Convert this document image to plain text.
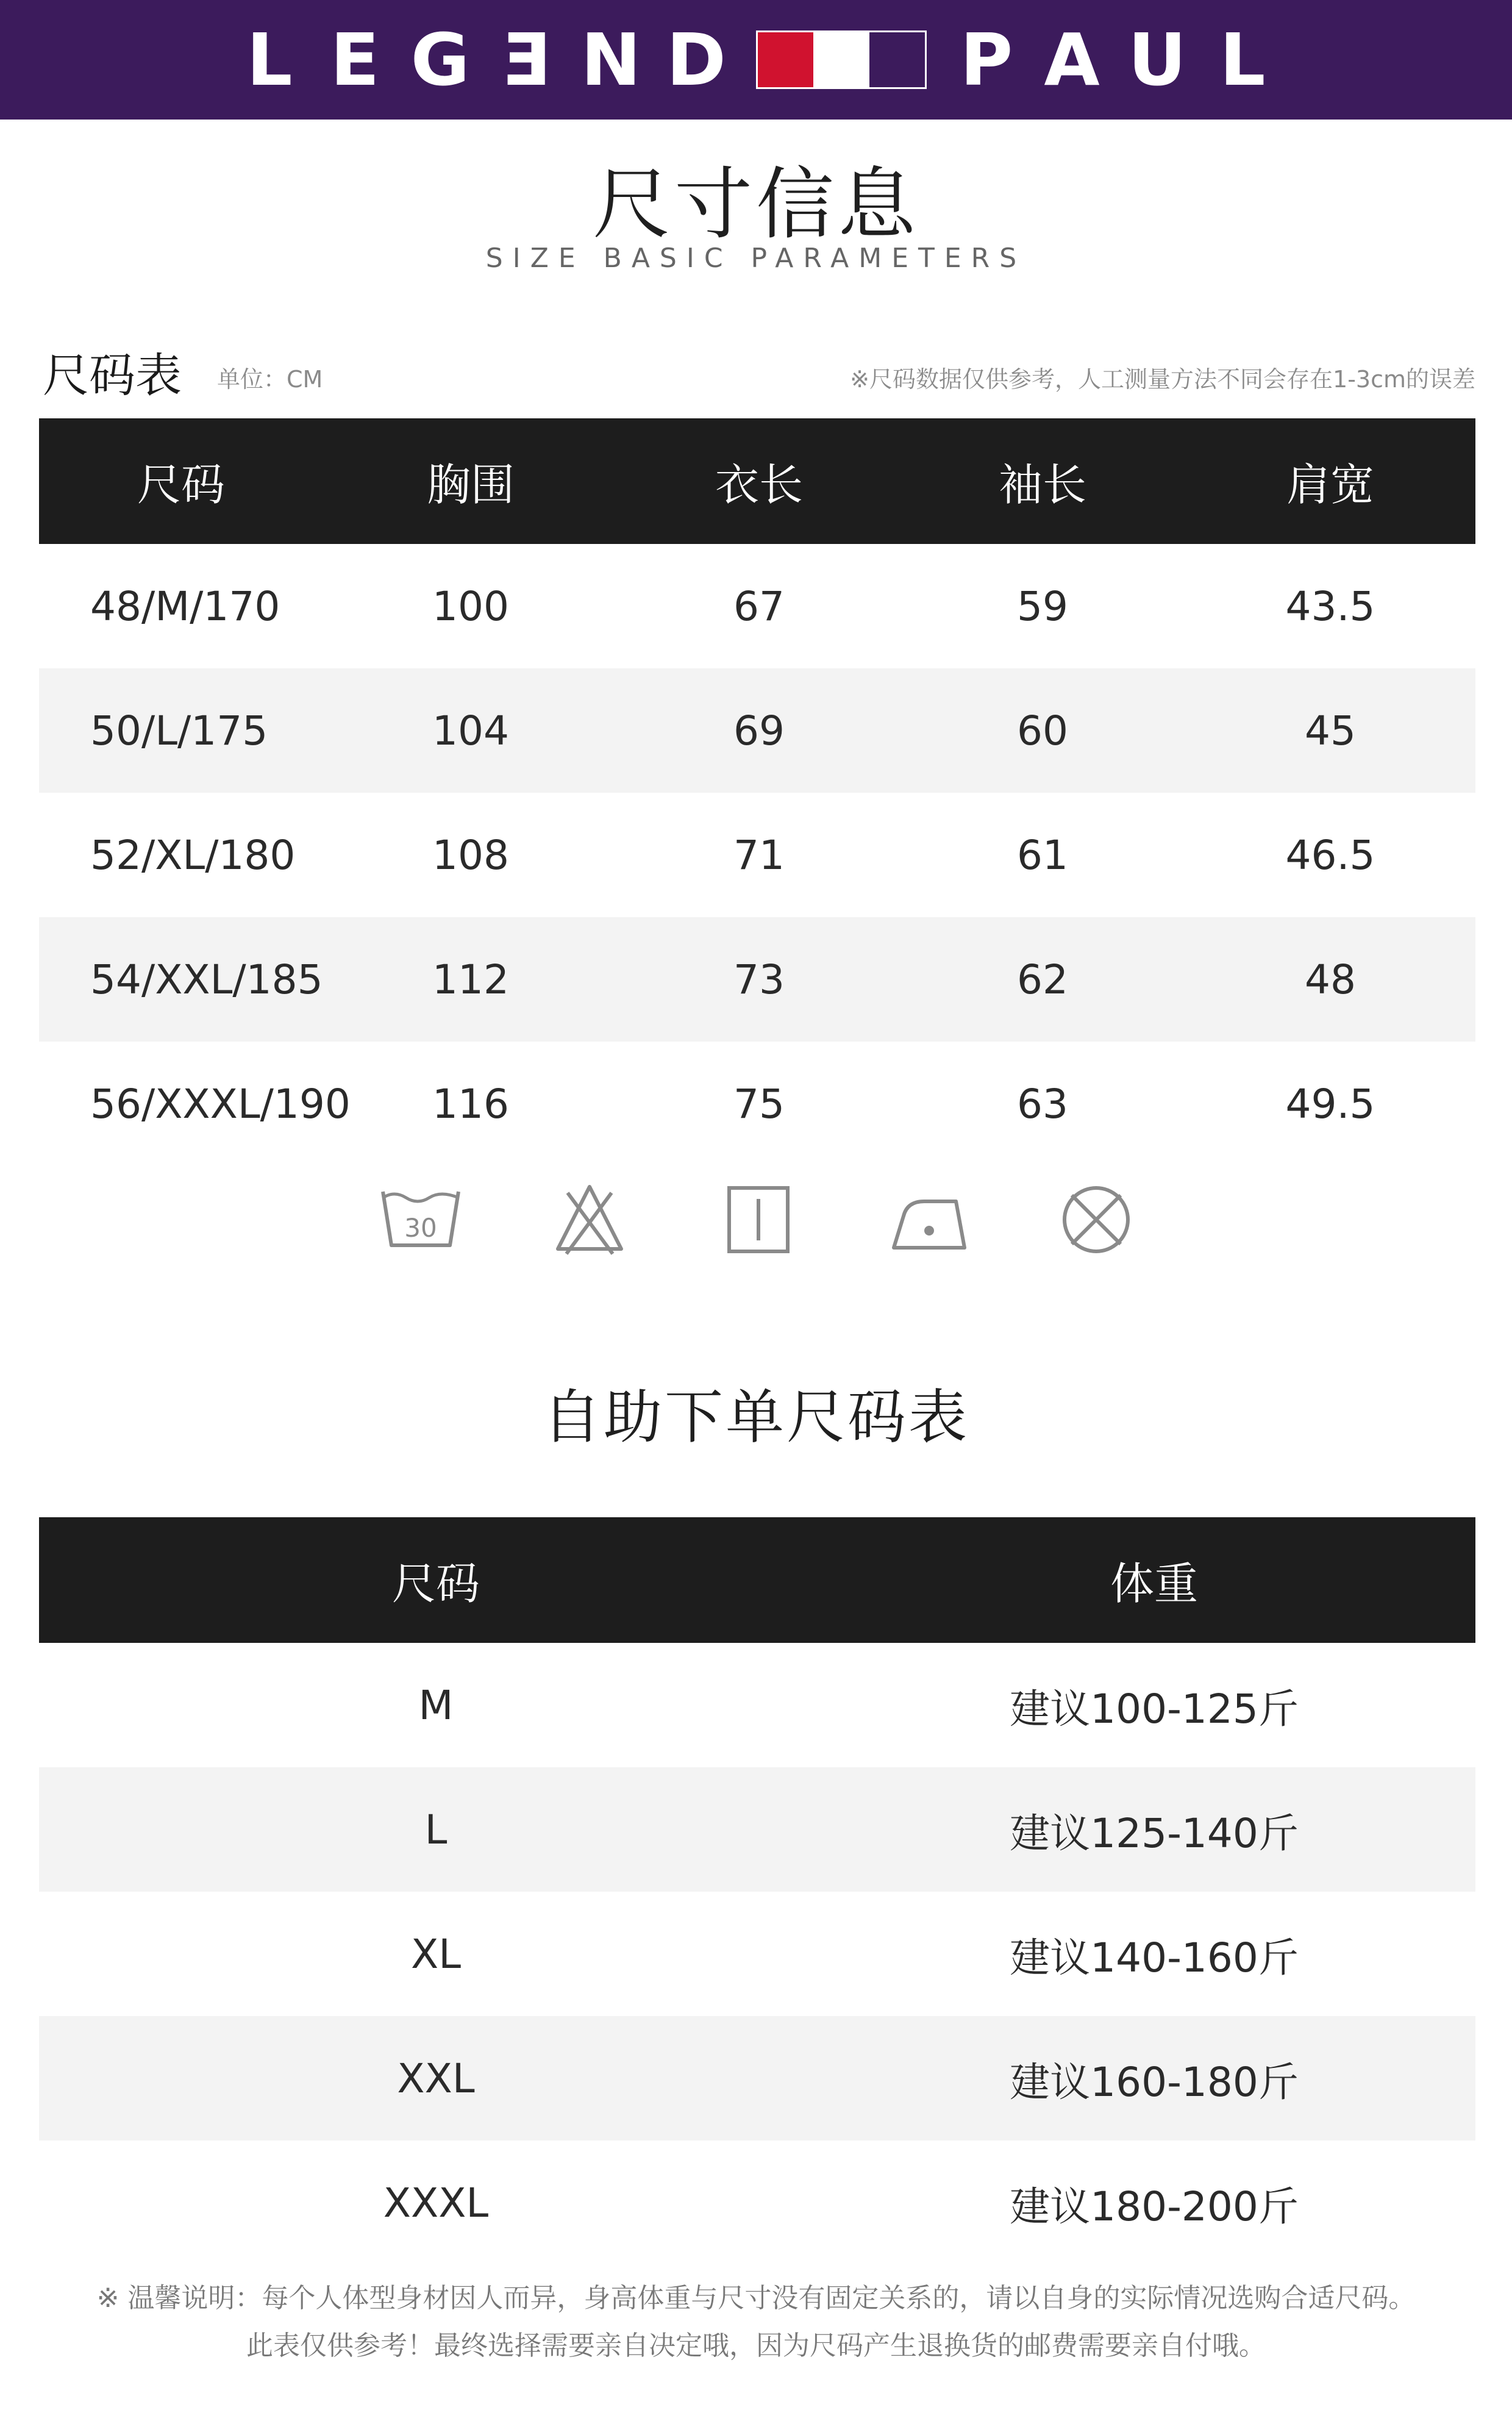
L E G Ǝ N D	P A U L
尺寸信息
SIZE BASIC PARAMETERS
尺码表 单位：CM	※尺码数据仅供参考，人工测量方法不同会存在1-3cm的误差
尺码	胸围	衣长	袖长	肩宽
48/M/170	100	67	59	43.5
50/L/175	104	69	60	45
52/XL/180	108	71	61	46.5
54/XXL/185	112	73	62	48
56/XXXL/190	116	75	63	49.5
30
自助下单尺码表
尺码	体重
M	建议100-125斤
L	建议125-140斤
XL	建议140-160斤
XXL	建议160-180斤
XXXL	建议180-200斤
※ 温馨说明：每个人体型身材因人而异，身高体重与尺寸没有固定关系的，请以自身的实际情况选购合适尺码。
此表仅供参考！最终选择需要亲自决定哦，因为尺码产生退换货的邮费需要亲自付哦。
